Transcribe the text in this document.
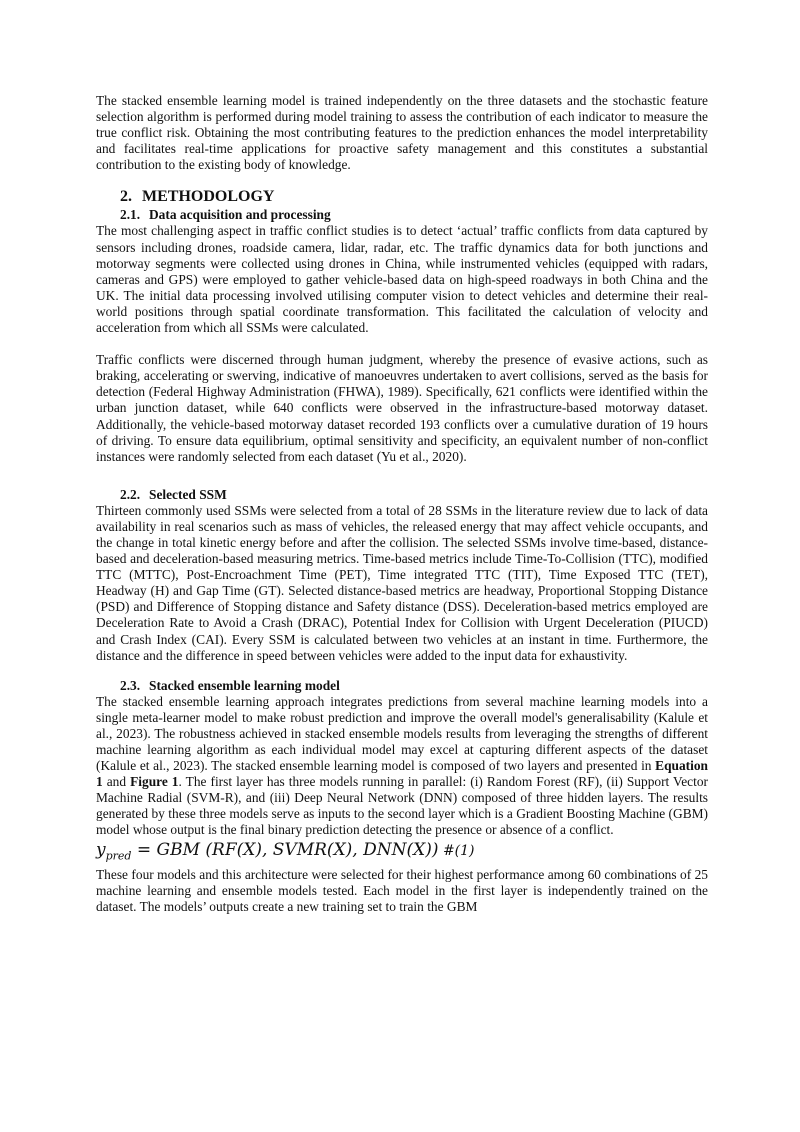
The stacked ensemble learning model is trained independently on the three datasets and the stochastic feature selection algorithm is performed during model training to assess the contribution of each indicator to measure the true conflict risk. Obtaining the most contributing features to the prediction enhances the model interpretability and facilitates real-time applications for proactive safety management and this constitutes a substantial contribution to the existing body of knowledge.

2. METHODOLOGY
2.1. Data acquisition and processing

The most challenging aspect in traffic conflict studies is to detect ‘actual’ traffic conflicts from data captured by sensors including drones, roadside camera, lidar, radar, etc. The traffic dynamics data for both junctions and motorway segments were collected using drones in China, while instrumented vehicles (equipped with radars, cameras and GPS) were employed to gather vehicle-based data on high-speed roadways in both China and the UK. The initial data processing involved utilising computer vision to detect vehicles and determine their real-world positions through spatial coordinate transformation. This facilitated the calculation of velocity and acceleration from which all SSMs were calculated.

Traffic conflicts were discerned through human judgment, whereby the presence of evasive actions, such as braking, accelerating or swerving, indicative of manoeuvres undertaken to avert collisions, served as the basis for detection (Federal Highway Administration (FHWA), 1989). Specifically, 621 conflicts were identified within the urban junction dataset, while 640 conflicts were observed in the infrastructure-based motorway dataset. Additionally, the vehicle-based motorway dataset recorded 193 conflicts over a cumulative duration of 19 hours of driving. To ensure data equilibrium, optimal sensitivity and specificity, an equivalent number of non-conflict instances were randomly selected from each dataset (Yu et al., 2020).

2.2. Selected SSM

Thirteen commonly used SSMs were selected from a total of 28 SSMs in the literature review due to lack of data availability in real scenarios such as mass of vehicles, the released energy that may affect vehicle occupants, and the change in total kinetic energy before and after the collision. The selected SSMs involve time-based, distance-based and deceleration-based measuring metrics. Time-based metrics include Time-To-Collision (TTC), modified TTC (MTTC), Post-Encroachment Time (PET), Time integrated TTC (TIT), Time Exposed TTC (TET), Headway (H) and Gap Time (GT). Selected distance-based metrics are headway, Proportional Stopping Distance (PSD) and Difference of Stopping distance and Safety distance (DSS). Deceleration-based metrics employed are Deceleration Rate to Avoid a Crash (DRAC), Potential Index for Collision with Urgent Deceleration (PIUCD) and Crash Index (CAI). Every SSM is calculated between two vehicles at an instant in time. Furthermore, the distance and the difference in speed between vehicles were added to the input data for exhaustivity.

2.3. Stacked ensemble learning model

The stacked ensemble learning approach integrates predictions from several machine learning models into a single meta-learner model to make robust prediction and improve the overall model's generalisability (Kalule et al., 2023). The robustness achieved in stacked ensemble models results from leveraging the strengths of different machine learning algorithm as each individual model may excel at capturing different aspects of the dataset (Kalule et al., 2023). The stacked ensemble learning model is composed of two layers and presented in Equation 1 and Figure 1. The first layer has three models running in parallel: (i) Random Forest (RF), (ii) Support Vector Machine Radial (SVM-R), and (iii) Deep Neural Network (DNN) composed of three hidden layers. The results generated by these three models serve as inputs to the second layer which is a Gradient Boosting Machine (GBM) model whose output is the final binary prediction detecting the presence or absence of a conflict.

$y_{pred}$ = GBM (RF(X), SVMR(X), DNN(X)) #(1)

These four models and this architecture were selected for their highest performance among 60 combinations of 25 machine learning and ensemble models tested. Each model in the first layer is independently trained on the dataset. The models’ outputs create a new training set to train the GBM
